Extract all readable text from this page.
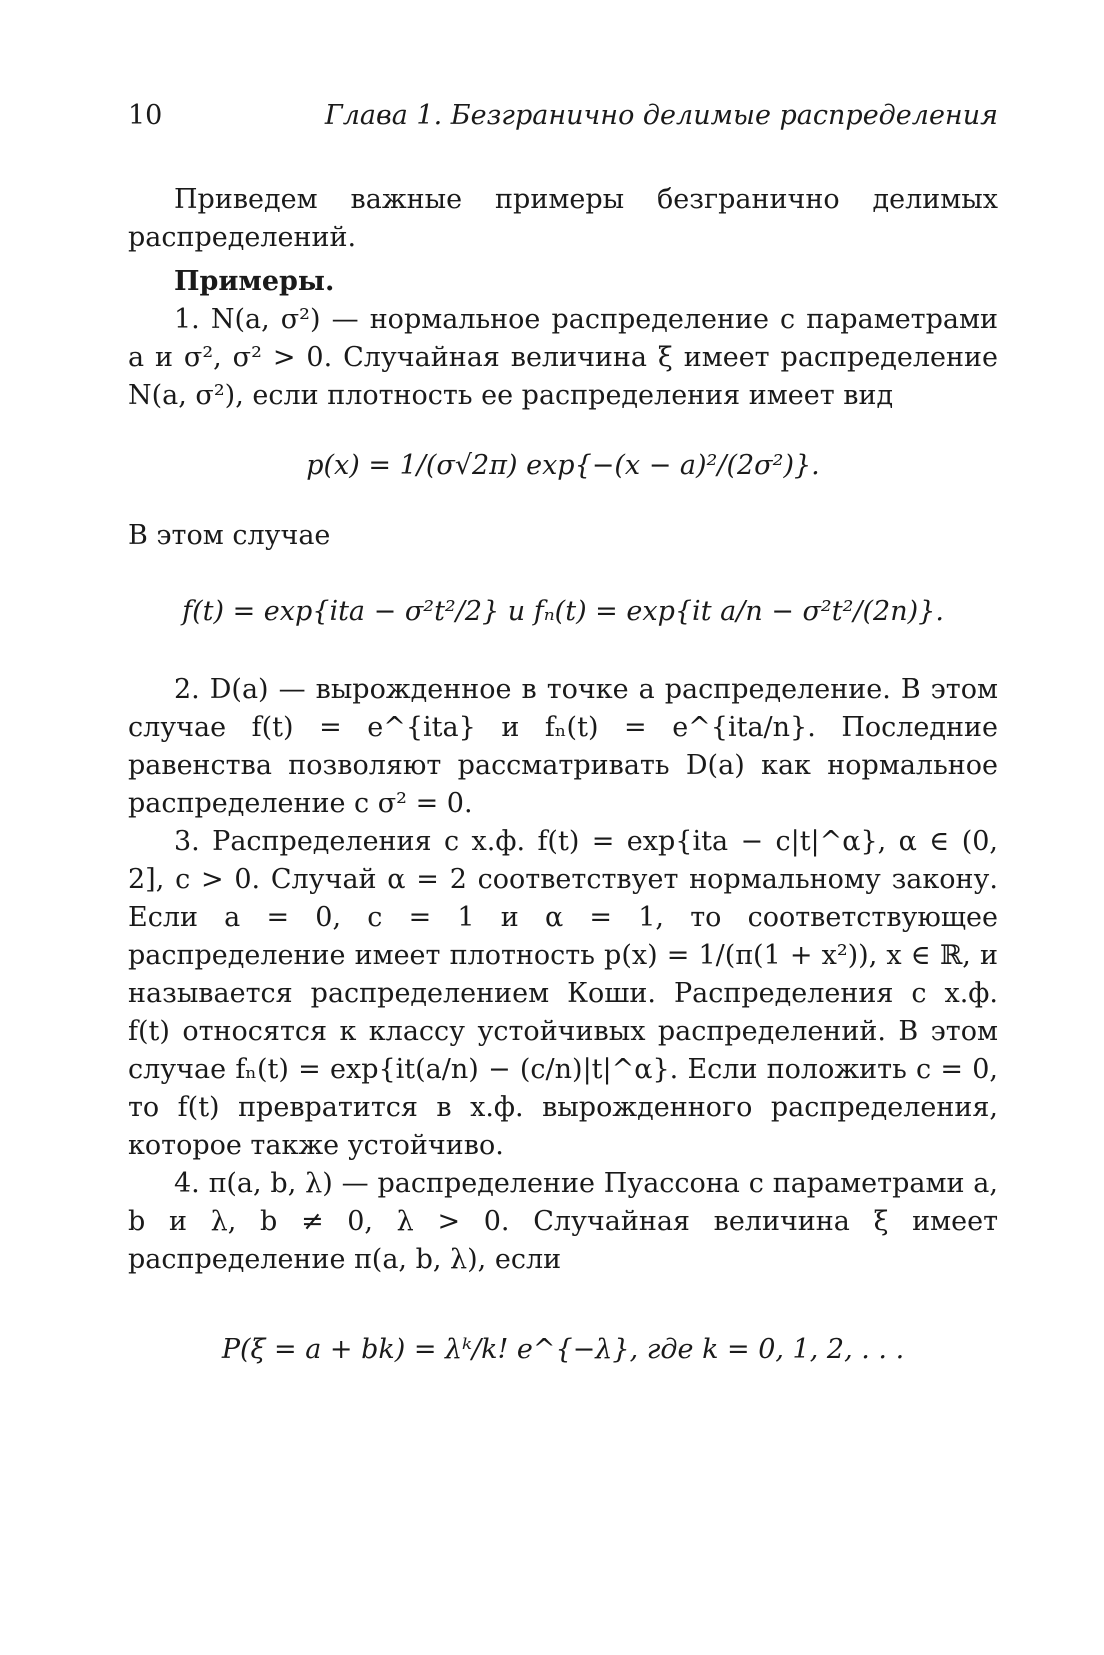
10	Глава 1. Безгранично делимые распределения

Приведем важные примеры безгранично делимых распределений.

Примеры.

1. N(a, σ²) — нормальное распределение с параметрами a и σ², σ² > 0. Случайная величина ξ имеет распределение N(a, σ²), если плотность ее распределения имеет вид

p(x) = 1/(σ√2π) exp{−(x − a)²/(2σ²)}.

В этом случае

f(t) = exp{ita − σ²t²/2} и fₙ(t) = exp{it a/n − σ²t²/(2n)}.

2. D(a) — вырожденное в точке a распределение. В этом случае f(t) = e^{ita} и fₙ(t) = e^{ita/n}. Последние равенства позволяют рассматривать D(a) как нормальное распределение с σ² = 0.

3. Распределения с х.ф. f(t) = exp{ita − c|t|^α}, α ∈ (0, 2], c > 0. Случай α = 2 соответствует нормальному закону. Если a = 0, c = 1 и α = 1, то соответствующее распределение имеет плотность p(x) = 1/(π(1 + x²)), x ∈ ℝ, и называется распределением Коши. Распределения с х.ф. f(t) относятся к классу устойчивых распределений. В этом случае fₙ(t) = exp{it(a/n) − (c/n)|t|^α}. Если положить c = 0, то f(t) превратится в х.ф. вырожденного распределения, которое также устойчиво.

4. π(a, b, λ) — распределение Пуассона с параметрами a, b и λ, b ≠ 0, λ > 0. Случайная величина ξ имеет распределение π(a, b, λ), если

P(ξ = a + bk) = λᵏ/k! e^{−λ}, где k = 0, 1, 2, . . .
